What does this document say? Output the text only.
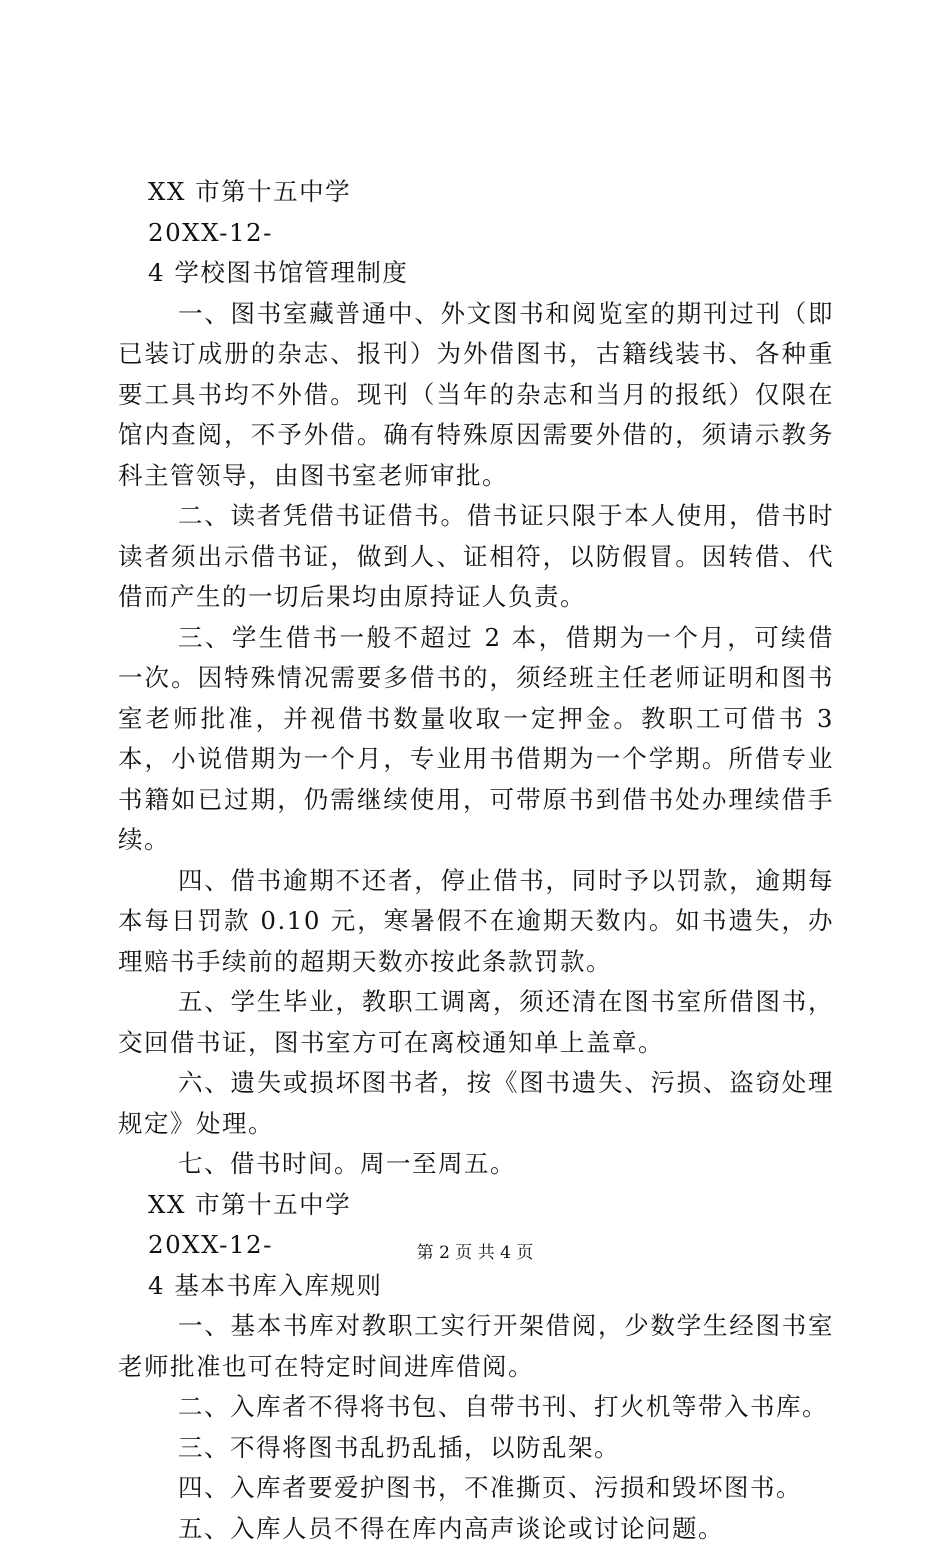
XX 市第十五中学

20XX-12-

4 学校图书馆管理制度

一、图书室藏普通中、外文图书和阅览室的期刊过刊（即已装订成册的杂志、报刊）为外借图书，古籍线装书、各种重要工具书均不外借。现刊（当年的杂志和当月的报纸）仅限在馆内查阅，不予外借。确有特殊原因需要外借的，须请示教务科主管领导，由图书室老师审批。

二、读者凭借书证借书。借书证只限于本人使用，借书时读者须出示借书证，做到人、证相符，以防假冒。因转借、代借而产生的一切后果均由原持证人负责。

三、学生借书一般不超过 2 本，借期为一个月，可续借一次。因特殊情况需要多借书的，须经班主任老师证明和图书室老师批准，并视借书数量收取一定押金。教职工可借书 3 本，小说借期为一个月，专业用书借期为一个学期。所借专业书籍如已过期，仍需继续使用，可带原书到借书处办理续借手续。

四、借书逾期不还者，停止借书，同时予以罚款，逾期每本每日罚款 0.10 元，寒暑假不在逾期天数内。如书遗失，办理赔书手续前的超期天数亦按此条款罚款。

五、学生毕业，教职工调离，须还清在图书室所借图书，交回借书证，图书室方可在离校通知单上盖章。

六、遗失或损坏图书者，按《图书遗失、污损、盗窃处理规定》处理。

七、借书时间。周一至周五。

XX 市第十五中学

20XX-12-

4 基本书库入库规则

一、基本书库对教职工实行开架借阅，少数学生经图书室老师批准也可在特定时间进库借阅。

二、入库者不得将书包、自带书刊、打火机等带入书库。

三、不得将图书乱扔乱插，以防乱架。

四、入库者要爱护图书，不准撕页、污损和毁坏图书。

五、入库人员不得在库内高声谈论或讨论问题。

第 2 页 共 4 页
